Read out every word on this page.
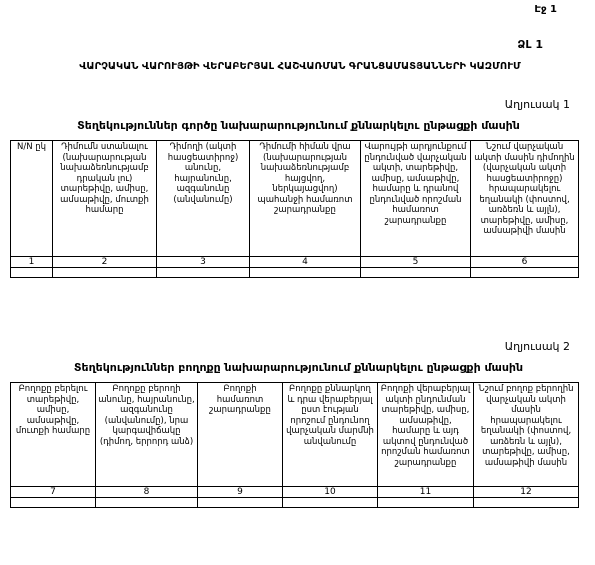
Էջ 1
ՁԼ 1
ՎԱՐՉԱԿԱՆ ՎԱՐՈՒՅԹԻ ՎԵՐԱԲԵՐՅԱԼ ՀԱՇՎԱՌՄԱՆ ԳՐԱՆՑԱՄԱՏՅԱՆՆԵՐԻ ԿԱԶՄՈՒՄ
Աղյուսակ 1
Տեղեկություններ գործը նախարարությունում քննարկելու ընթացքի մասին
N/N ըկ	Դիմումն ստանալու (նախարարության նախաձեռնությամբ դրական լու) տարեթիվը, ամիսը, ամսաթիվը, մուտքի համարը	Դիմողի (ակտի հասցեատիրոջ) անունը, հայրանունը, ազգանունը (անվանումը)	Դիմումի հիման վրա (նախարարության նախաձեռնությամբ հայցվող, ներկայացվող) պահանջի համառոտ շարադրանքը	Վարույթի արդյունքում ընդունված վարչական ակտի, տարեթիվը, ամիսը, ամսաթիվը, համարը և դրանով ընդունված որոշման համառոտ շարադրանքը	Նշում վարչական ակտի մասին դիմողին (վարչական ակտի հասցեատիրոջը) հրապարակելու եղանակի (փոստով, առձեռն և այլն), տարեթիվը, ամիսը, ամսաթիվի մասին
1	2	3	4	5	6

Աղյուսակ 2
Տեղեկություններ բողոքը նախարարությունում քննարկելու ընթացքի մասին
Բողոքը բերելու տարեթիվը, ամիսը, ամսաթիվը, մուտքի համարը	Բողոքը բերողի անունը, հայրանունը, ազգանունը (անվանումը), նրա կարգավիճակը (դիմող, երրորդ անձ)	Բողոքի համառոտ շարադրանքը	Բողոքը քննարկող և դրա վերաբերյալ ըստ էության որոշում ընդունող վարչական մարմնի անվանումը	Բողոքի վերաբերյալ ակտի ընդունման տարեթիվը, ամիսը, ամսաթիվը, համարը և այդ ակտով ընդունված որոշման համառոտ շարադրանքը	Նշում բողոք բերողին վարչական ակտի մասին հրապարակելու եղանակի (փոստով, առձեռն և այլն), տարեթիվը, ամիսը, ամսաթիվի մասին
7	8	9	10	11	12
